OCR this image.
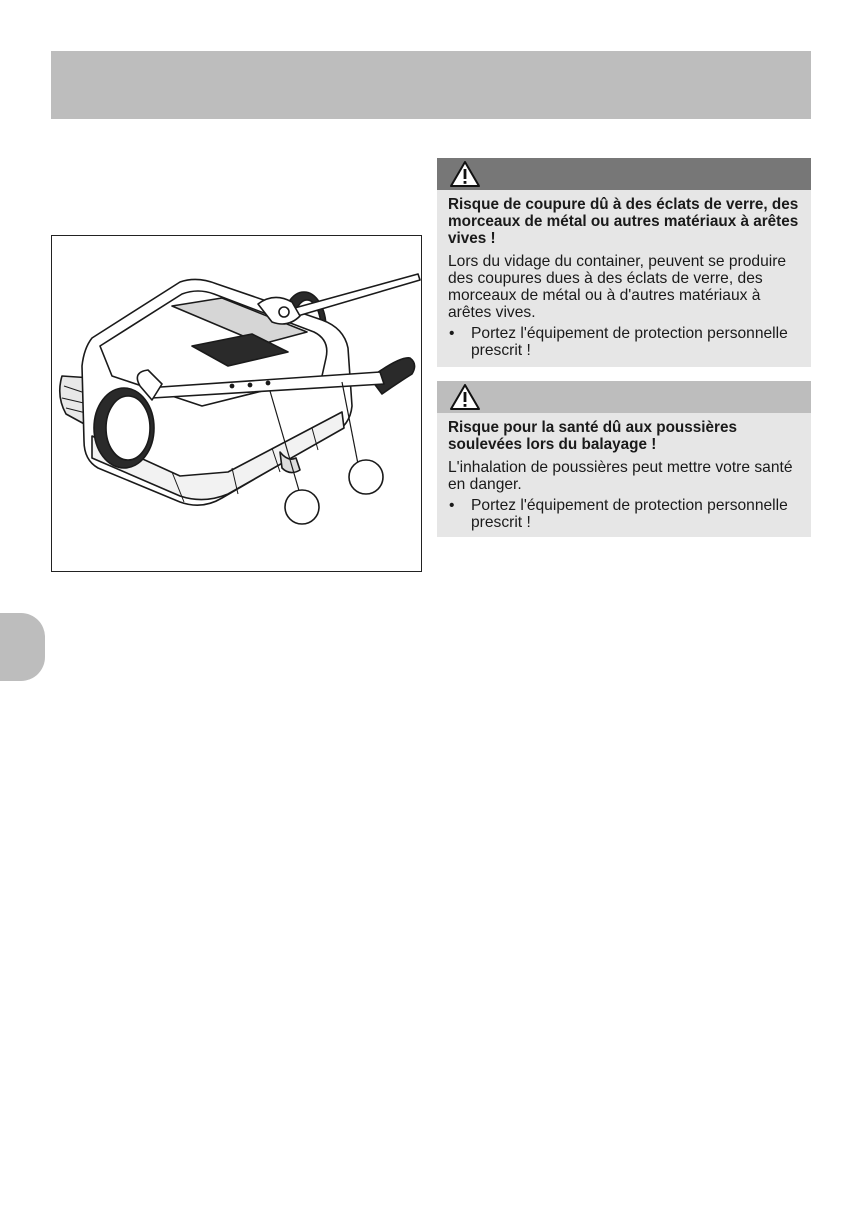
Risque de coupure dû à des éclats de verre, des morceaux de métal ou autres matériaux à arêtes vives !

Lors du vidage du container, peuvent se produire des coupures dues à des éclats de verre, des morceaux de métal ou à d'autres matériaux à arêtes vives.

•	Portez l'équipement de protection personnelle prescrit !

Risque pour la santé dû aux poussières soulevées lors du balayage !

L'inhalation de poussières peut mettre votre santé en danger.

•	Portez l'équipement de protection personnelle prescrit !
